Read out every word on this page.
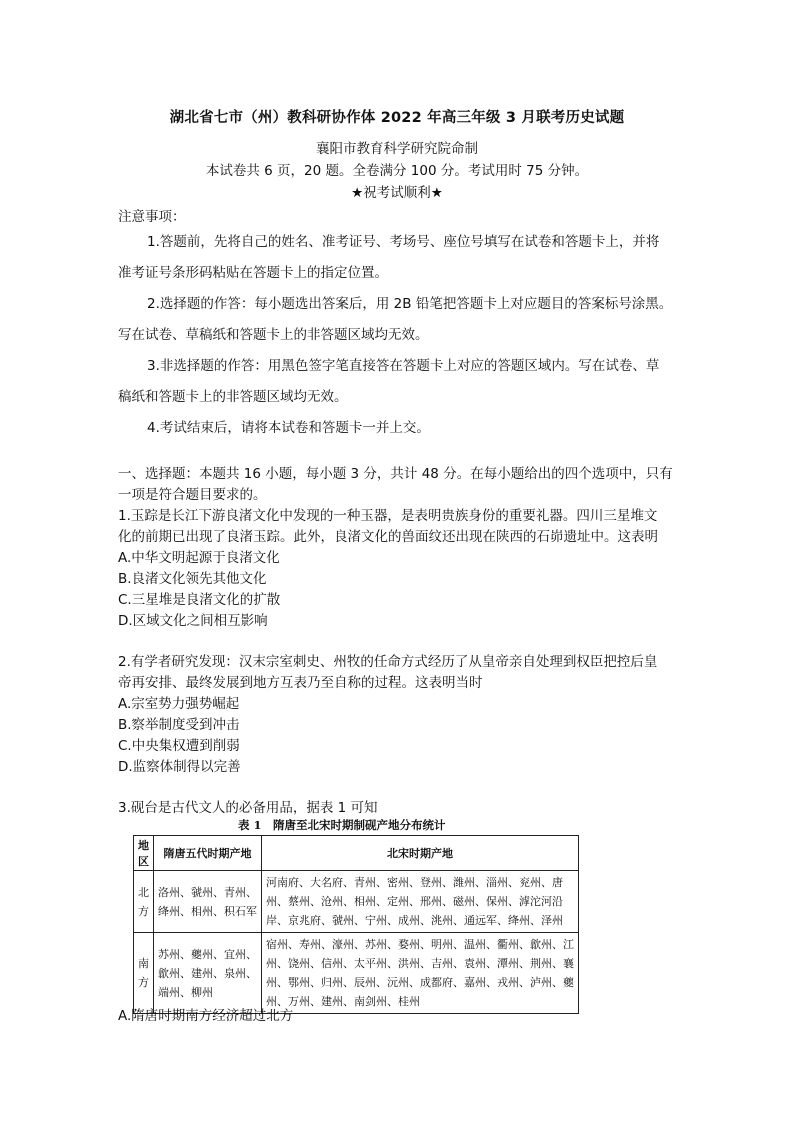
湖北省七市（州）教科研协作体 2022 年高三年级 3 月联考历史试题
襄阳市教育科学研究院命制
本试卷共 6 页，20 题。全卷满分 100 分。考试用时 75 分钟。
★祝考试顺利★
注意事项：
1.答题前，先将自己的姓名、准考证号、考场号、座位号填写在试卷和答题卡上，并将
准考证号条形码粘贴在答题卡上的指定位置。
2.选择题的作答：每小题选出答案后，用 2B 铅笔把答题卡上对应题目的答案标号涂黑。
写在试卷、草稿纸和答题卡上的非答题区域均无效。
3.非选择题的作答：用黑色签字笔直接答在答题卡上对应的答题区域内。写在试卷、草
稿纸和答题卡上的非答题区域均无效。
4.考试结束后，请将本试卷和答题卡一并上交。
一、选择题：本题共 16 小题，每小题 3 分，共计 48 分。在每小题给出的四个选项中，只有
一项是符合题目要求的。
1.玉踪是长江下游良渚文化中发现的一种玉器，是表明贵族身份的重要礼器。四川三星堆文
化的前期已出现了良渚玉踪。此外，良渚文化的兽面纹还出现在陕西的石峁遗址中。这表明
A.中华文明起源于良渚文化
B.良渚文化领先其他文化
C.三星堆是良渚文化的扩散
D.区域文化之间相互影响
2.有学者研究发现：汉末宗室刺史、州牧的任命方式经历了从皇帝亲自处理到权臣把控后皇
帝再安排、最终发展到地方互表乃至自称的过程。这表明当时
A.宗室势力强势崛起
B.察举制度受到冲击
C.中央集权遭到削弱
D.监察体制得以完善
3.砚台是古代文人的必备用品，据表 1 可知
表 1　隋唐至北宋时期制砚产地分布统计
地区	隋唐五代时期产地	北宋时期产地
北方	洛州、虢州、青州、
绛州、相州、积石军	河南府、大名府、青州、密州、登州、潍州、淄州、兖州、唐
州、蔡州、沧州、相州、定州、邢州、磁州、保州、滹沱河沿
岸、京兆府、虢州、宁州、成州、洮州、通远军、绛州、泽州

南方	苏州、夔州、宜州、
歙州、建州、泉州、
端州、柳州	宿州、寿州、濠州、苏州、婺州、明州、温州、衢州、歙州、江
州、饶州、信州、太平州、洪州、吉州、袁州、潭州、荆州、襄
州、鄂州、归州、辰州、沅州、成都府、嘉州、戎州、泸州、夔
州、万州、建州、南剑州、桂州
A.隋唐时期南方经济超过北方
